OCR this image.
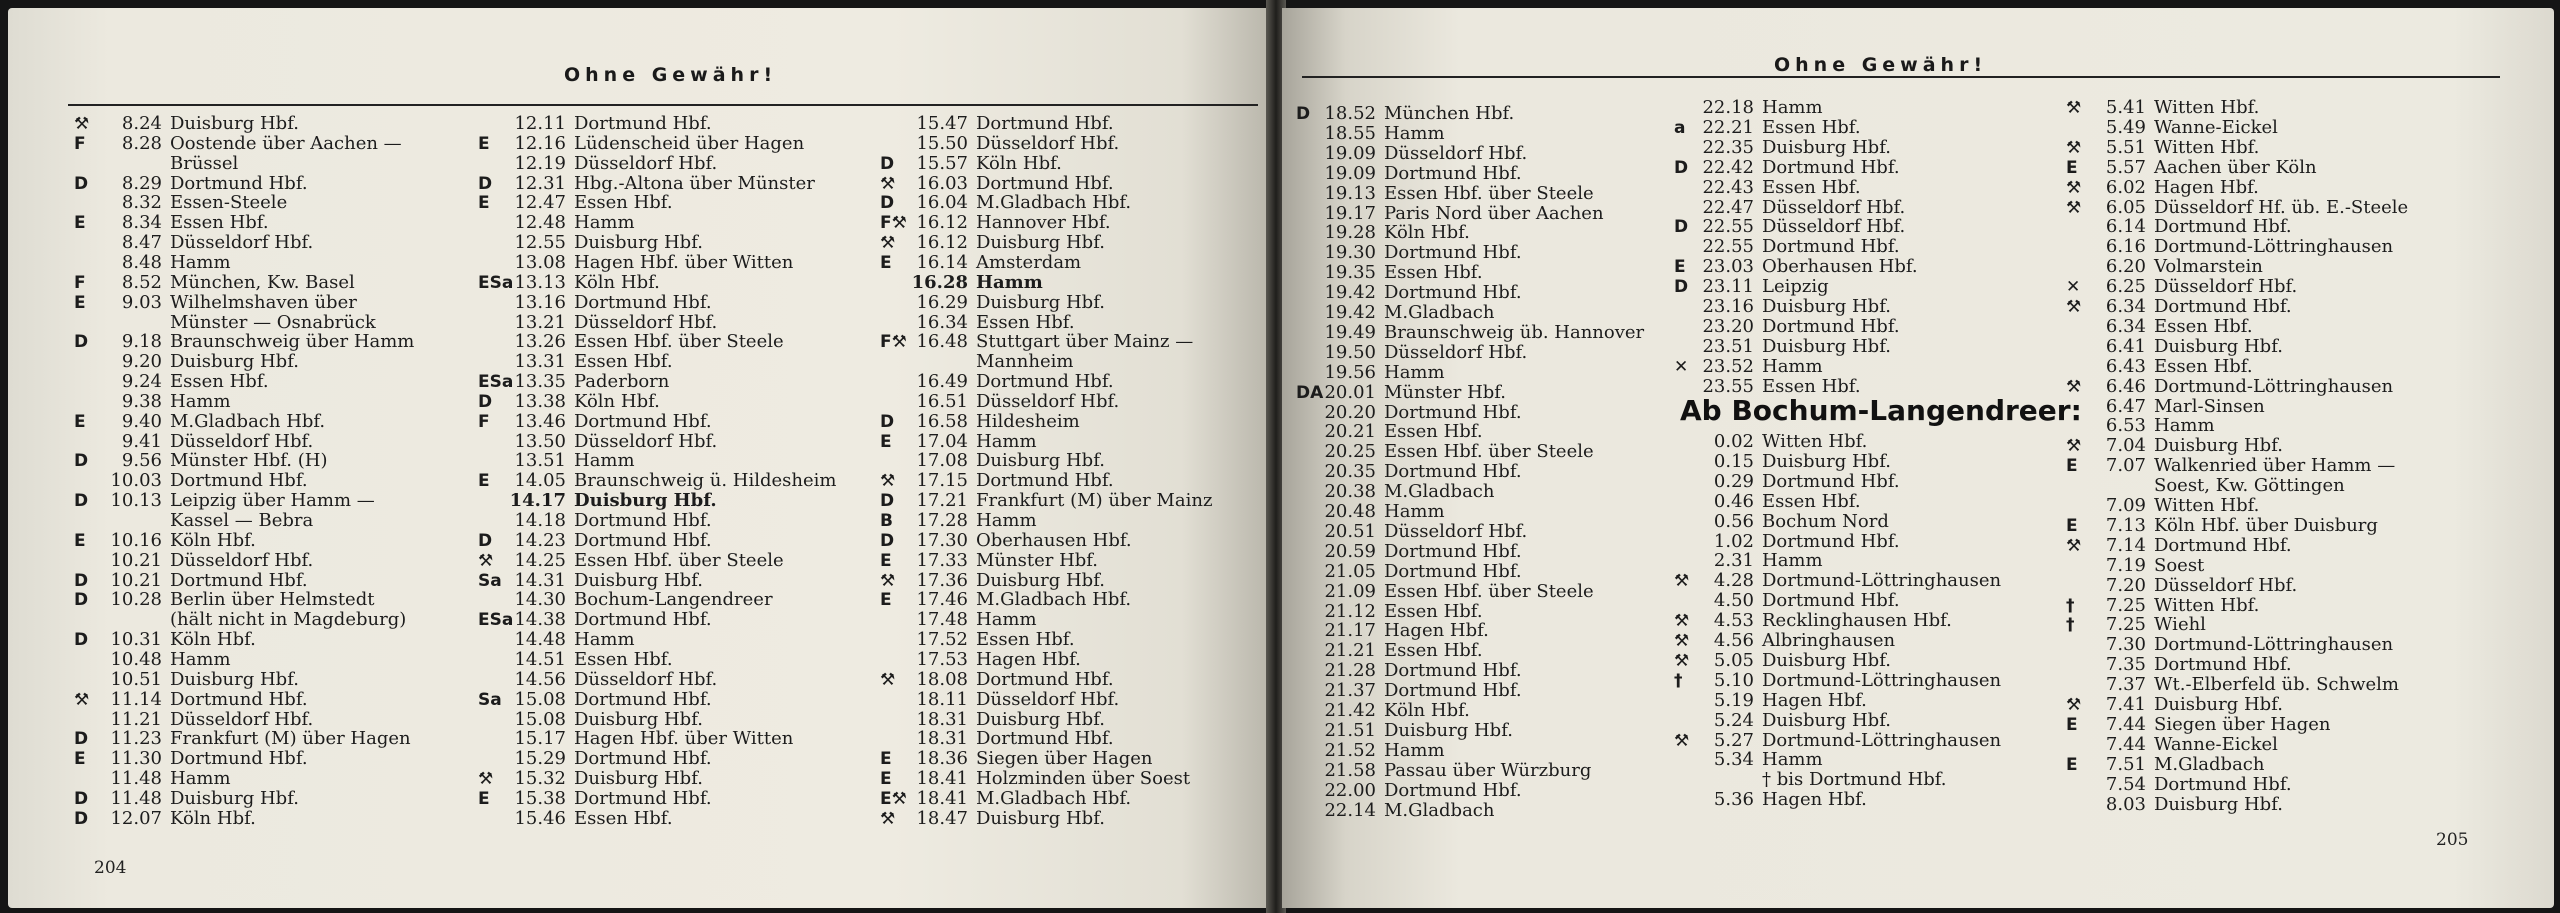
Ohne Gewähr!
⚒	8.24 Duisburg Hbf.
F	8.28 Oostende über Aachen —
Brüssel
D	8.29 Dortmund Hbf.
8.32 Essen-Steele
E	8.34 Essen Hbf.
8.47 Düsseldorf Hbf.
8.48 Hamm
F	8.52 München, Kw. Basel
E	9.03 Wilhelmshaven über
Münster — Osnabrück
D	9.18 Braunschweig über Hamm
9.20 Duisburg Hbf.
9.24 Essen Hbf.
9.38 Hamm
E	9.40 M.Gladbach Hbf.
9.41 Düsseldorf Hbf.
D	9.56 Münster Hbf. (H)
10.03 Dortmund Hbf.
D	10.13 Leipzig über Hamm —
Kassel — Bebra
E	10.16 Köln Hbf.
10.21 Düsseldorf Hbf.
D	10.21 Dortmund Hbf.
D	10.28 Berlin über Helmstedt
(hält nicht in Magdeburg)
D	10.31 Köln Hbf.
10.48 Hamm
10.51 Duisburg Hbf.
⚒	11.14 Dortmund Hbf.
11.21 Düsseldorf Hbf.
D	11.23 Frankfurt (M) über Hagen
E	11.30 Dortmund Hbf.
11.48 Hamm
D	11.48 Duisburg Hbf.
D	12.07 Köln Hbf.
12.11 Dortmund Hbf.
E	12.16 Lüdenscheid über Hagen
12.19 Düsseldorf Hbf.
D	12.31 Hbg.-Altona über Münster
E	12.47 Essen Hbf.
12.48 Hamm
12.55 Duisburg Hbf.
13.08 Hagen Hbf. über Witten
ESa 13.13 Köln Hbf.
13.16 Dortmund Hbf.
13.21 Düsseldorf Hbf.
13.26 Essen Hbf. über Steele
13.31 Essen Hbf.
ESa 13.35 Paderborn
D	13.38 Köln Hbf.
F	13.46 Dortmund Hbf.
13.50 Düsseldorf Hbf.
13.51 Hamm
E	14.05 Braunschweig ü. Hildesheim
14.17 Duisburg Hbf.
14.18 Dortmund Hbf.
D	14.23 Dortmund Hbf.
⚒	14.25 Essen Hbf. über Steele
Sa 14.31 Duisburg Hbf.
14.30 Bochum-Langendreer
ESa 14.38 Dortmund Hbf.
14.48 Hamm
14.51 Essen Hbf.
14.56 Düsseldorf Hbf.
Sa 15.08 Dortmund Hbf.
15.08 Duisburg Hbf.
15.17 Hagen Hbf. über Witten
15.29 Dortmund Hbf.
⚒	15.32 Duisburg Hbf.
E	15.38 Dortmund Hbf.
15.46 Essen Hbf.
15.47 Dortmund Hbf.
15.50 Düsseldorf Hbf.
D	15.57 Köln Hbf.
⚒	16.03 Dortmund Hbf.
D	16.04 M.Gladbach Hbf.
F⚒ 16.12 Hannover Hbf.
⚒	16.12 Duisburg Hbf.
E	16.14 Amsterdam
16.28 Hamm
16.29 Duisburg Hbf.
16.34 Essen Hbf.
F⚒ 16.48 Stuttgart über Mainz —
Mannheim
16.49 Dortmund Hbf.
16.51 Düsseldorf Hbf.
D	16.58 Hildesheim
E	17.04 Hamm
17.08 Duisburg Hbf.
⚒	17.15 Dortmund Hbf.
D	17.21 Frankfurt (M) über Mainz
B	17.28 Hamm
D	17.30 Oberhausen Hbf.
E	17.33 Münster Hbf.
⚒	17.36 Duisburg Hbf.
E	17.46 M.Gladbach Hbf.
17.48 Hamm
17.52 Essen Hbf.
17.53 Hagen Hbf.
⚒	18.08 Dortmund Hbf.
18.11 Düsseldorf Hbf.
18.31 Duisburg Hbf.
18.31 Dortmund Hbf.
E	18.36 Siegen über Hagen
E	18.41 Holzminden über Soest
E⚒ 18.41 M.Gladbach Hbf.
⚒	18.47 Duisburg Hbf.
204
Ohne Gewähr!
D 18.52 München Hbf.
18.55 Hamm
19.09 Düsseldorf Hbf.
19.09 Dortmund Hbf.
19.13 Essen Hbf. über Steele
19.17 Paris Nord über Aachen
19.28 Köln Hbf.
19.30 Dortmund Hbf.
19.35 Essen Hbf.
19.42 Dortmund Hbf.
19.42 M.Gladbach
19.49 Braunschweig üb. Hannover
19.50 Düsseldorf Hbf.
19.56 Hamm
DA 20.01 Münster Hbf.
20.20 Dortmund Hbf.
20.21 Essen Hbf.
20.25 Essen Hbf. über Steele
20.35 Dortmund Hbf.
20.38 M.Gladbach
20.48 Hamm
20.51 Düsseldorf Hbf.
20.59 Dortmund Hbf.
21.05 Dortmund Hbf.
21.09 Essen Hbf. über Steele
21.12 Essen Hbf.
21.17 Hagen Hbf.
21.21 Essen Hbf.
21.28 Dortmund Hbf.
21.37 Dortmund Hbf.
21.42 Köln Hbf.
21.51 Duisburg Hbf.
21.52 Hamm
21.58 Passau über Würzburg
22.00 Dortmund Hbf.
22.14 M.Gladbach
22.18 Hamm
a 22.21 Essen Hbf.
22.35 Duisburg Hbf.
D 22.42 Dortmund Hbf.
22.43 Essen Hbf.
22.47 Düsseldorf Hbf.
D 22.55 Düsseldorf Hbf.
22.55 Dortmund Hbf.
E 23.03 Oberhausen Hbf.
D 23.11 Leipzig
23.16 Duisburg Hbf.
23.20 Dortmund Hbf.
23.51 Duisburg Hbf.
✕ 23.52 Hamm
23.55 Essen Hbf.
Ab Bochum-Langendreer:
0.02 Witten Hbf.
0.15 Duisburg Hbf.
0.29 Dortmund Hbf.
0.46 Essen Hbf.
0.56 Bochum Nord
1.02 Dortmund Hbf.
2.31 Hamm
⚒	4.28 Dortmund-Löttringhausen
4.50 Dortmund Hbf.
⚒	4.53 Recklinghausen Hbf.
⚒	4.56 Albringhausen
⚒	5.05 Duisburg Hbf.
†	5.10 Dortmund-Löttringhausen
5.19 Hagen Hbf.
5.24 Duisburg Hbf.
⚒	5.27 Dortmund-Löttringhausen
5.34 Hamm
† bis Dortmund Hbf.
5.36 Hagen Hbf.
⚒	5.41 Witten Hbf.
5.49 Wanne-Eickel
⚒	5.51 Witten Hbf.
E	5.57 Aachen über Köln
⚒	6.02 Hagen Hbf.
⚒	6.05 Düsseldorf Hf. üb. E.-Steele
6.14 Dortmund Hbf.
6.16 Dortmund-Löttringhausen
6.20 Volmarstein
✕	6.25 Düsseldorf Hbf.
⚒	6.34 Dortmund Hbf.
6.34 Essen Hbf.
6.41 Duisburg Hbf.
6.43 Essen Hbf.
⚒	6.46 Dortmund-Löttringhausen
6.47 Marl-Sinsen
6.53 Hamm
⚒	7.04 Duisburg Hbf.
E	7.07 Walkenried über Hamm —
Soest, Kw. Göttingen
7.09 Witten Hbf.
E	7.13 Köln Hbf. über Duisburg
⚒	7.14 Dortmund Hbf.
7.19 Soest
7.20 Düsseldorf Hbf.
†	7.25 Witten Hbf.
†	7.25 Wiehl
7.30 Dortmund-Löttringhausen
7.35 Dortmund Hbf.
7.37 Wt.-Elberfeld üb. Schwelm
⚒	7.41 Duisburg Hbf.
E	7.44 Siegen über Hagen
7.44 Wanne-Eickel
E	7.51 M.Gladbach
7.54 Dortmund Hbf.
8.03 Duisburg Hbf.
205
